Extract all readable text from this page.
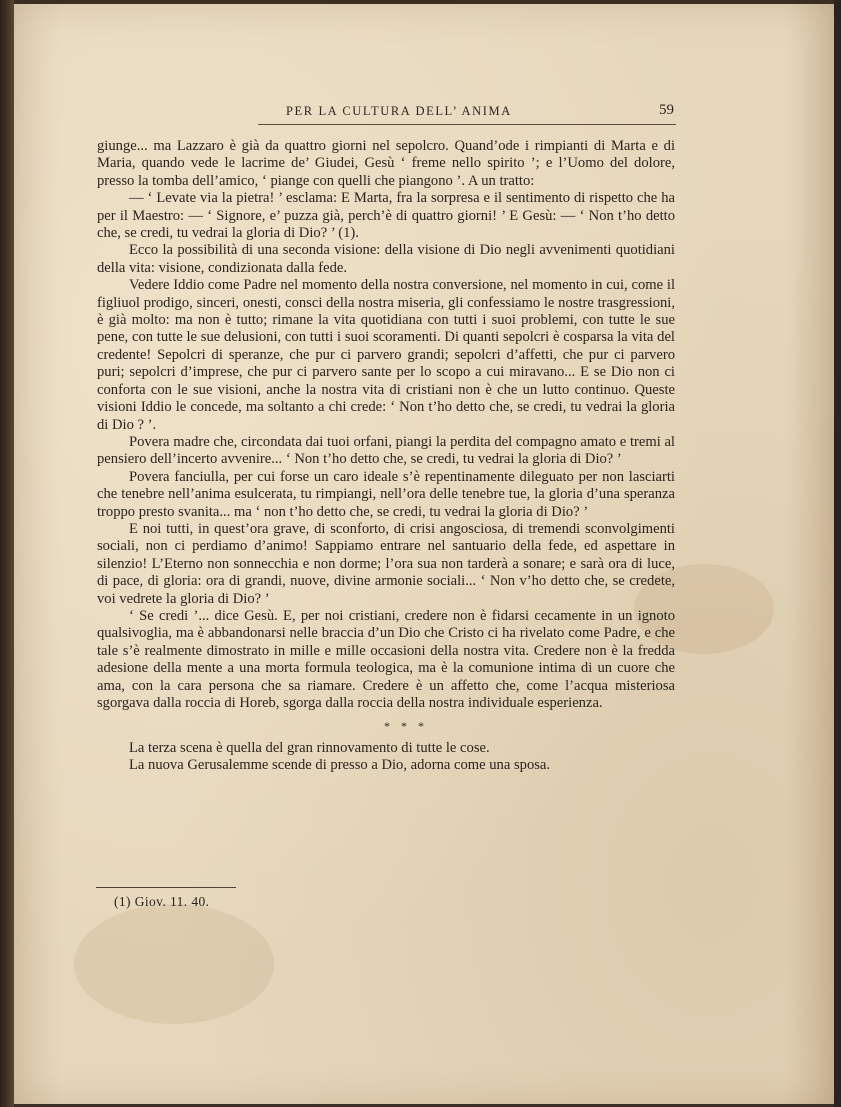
PER LA CULTURA DELL’ ANIMA	59

giunge... ma Lazzaro è già da quattro giorni nel sepolcro. Quand’ode i rimpianti di Marta e di Maria, quando vede le lacrime de’ Giudei, Gesù ‘ freme nello spirito ’; e l’Uomo del dolore, presso la tomba dell’amico, ‘ piange con quelli che piangono ’. A un tratto:

— ‘ Levate via la pietra! ’ esclama: E Marta, fra la sorpresa e il sentimento di rispetto che ha per il Maestro: — ‘ Signore, e’ puzza già, perch’è di quattro giorni! ’ E Gesù: — ‘ Non t’ho detto che, se credi, tu vedrai la gloria di Dio? ’ (1).

Ecco la possibilità di una seconda visione: della visione di Dio negli avvenimenti quotidiani della vita: visione, condizionata dalla fede.

Vedere Iddio come Padre nel momento della nostra conversione, nel momento in cui, come il figliuol prodigo, sinceri, onesti, consci della nostra miseria, gli confessiamo le nostre trasgressioni, è già molto: ma non è tutto; rimane la vita quotidiana con tutti i suoi problemi, con tutte le sue pene, con tutte le sue delusioni, con tutti i suoi scoramenti. Di quanti sepolcri è cosparsa la vita del credente! Sepolcri di speranze, che pur ci parvero grandi; sepolcri d’affetti, che pur ci parvero puri; sepolcri d’imprese, che pur ci parvero sante per lo scopo a cui miravano... E se Dio non ci conforta con le sue visioni, anche la nostra vita di cristiani non è che un lutto continuo. Queste visioni Iddio le concede, ma soltanto a chi crede: ‘ Non t’ho detto che, se credi, tu vedrai la gloria di Dio ? ’.

Povera madre che, circondata dai tuoi orfani, piangi la perdita del compagno amato e tremi al pensiero dell’incerto avvenire... ‘ Non t’ho detto che, se credi, tu vedrai la gloria di Dio? ’

Povera fanciulla, per cui forse un caro ideale s’è repentinamente dileguato per non lasciarti che tenebre nell’anima esulcerata, tu rimpiangi, nell’ora delle tenebre tue, la gloria d’una speranza troppo presto svanita... ma ‘ non t’ho detto che, se credi, tu vedrai la gloria di Dio? ’

E noi tutti, in quest’ora grave, di sconforto, di crisi angosciosa, di tremendi sconvolgimenti sociali, non ci perdiamo d’animo! Sappiamo entrare nel santuario della fede, ed aspettare in silenzio! L’Eterno non sonnecchia e non dorme; l’ora sua non tarderà a sonare; e sarà ora di luce, di pace, di gloria: ora di grandi, nuove, divine armonie sociali... ‘ Non v’ho detto che, se credete, voi vedrete la gloria di Dio? ’

‘ Se credi ’... dice Gesù. E, per noi cristiani, credere non è fidarsi cecamente in un ignoto qualsivoglia, ma è abbandonarsi nelle braccia d’un Dio che Cristo ci ha rivelato come Padre, e che tale s’è realmente dimostrato in mille e mille occasioni della nostra vita. Credere non è la fredda adesione della mente a una morta formula teologica, ma è la comunione intima di un cuore che ama, con la cara persona che sa riamare. Credere è un affetto che, come l’acqua misteriosa sgorgava dalla roccia di Horeb, sgorga dalla roccia della nostra individuale esperienza.

* * *

La terza scena è quella del gran rinnovamento di tutte le cose.

La nuova Gerusalemme scende di presso a Dio, adorna come una sposa.

(1) Giov. 11. 40.
